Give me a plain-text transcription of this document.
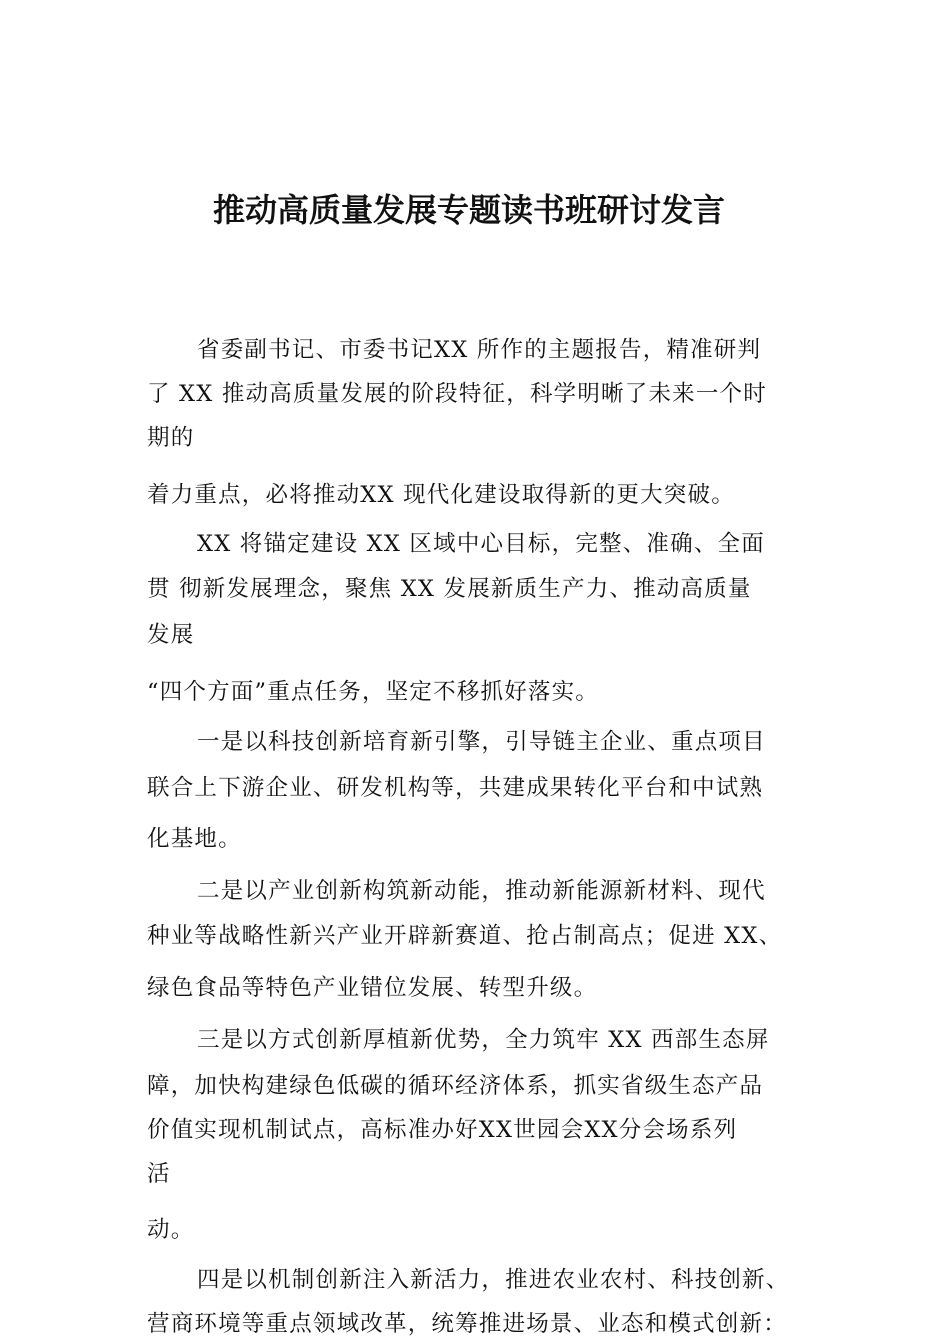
推动高质量发展专题读书班研讨发言
省委副书记、市委书记XX 所作的主题报告，精准研判
了 XX 推动高质量发展的阶段特征，科学明晰了未来一个时
期的
着力重点，必将推动XX 现代化建设取得新的更大突破。
XX 将锚定建设 XX 区域中心目标，完整、准确、全面
贯 彻新发展理念，聚焦 XX 发展新质生产力、推动高质量
发展
“四个方面”重点任务，坚定不移抓好落实。
一是以科技创新培育新引擎，引导链主企业、重点项目
联合上下游企业、研发机构等，共建成果转化平台和中试熟
化基地。
二是以产业创新构筑新动能，推动新能源新材料、现代
种业等战略性新兴产业开辟新赛道、抢占制高点；促进 XX、
绿色食品等特色产业错位发展、转型升级。
三是以方式创新厚植新优势，全力筑牢 XX 西部生态屏
障，加快构建绿色低碳的循环经济体系，抓实省级生态产品
价值实现机制试点，高标准办好XX世园会XX分会场系列
活
动。
四是以机制创新注入新活力，推进农业农村、科技创新、
营商环境等重点领域改革，统筹推进场景、业态和模式创新：
